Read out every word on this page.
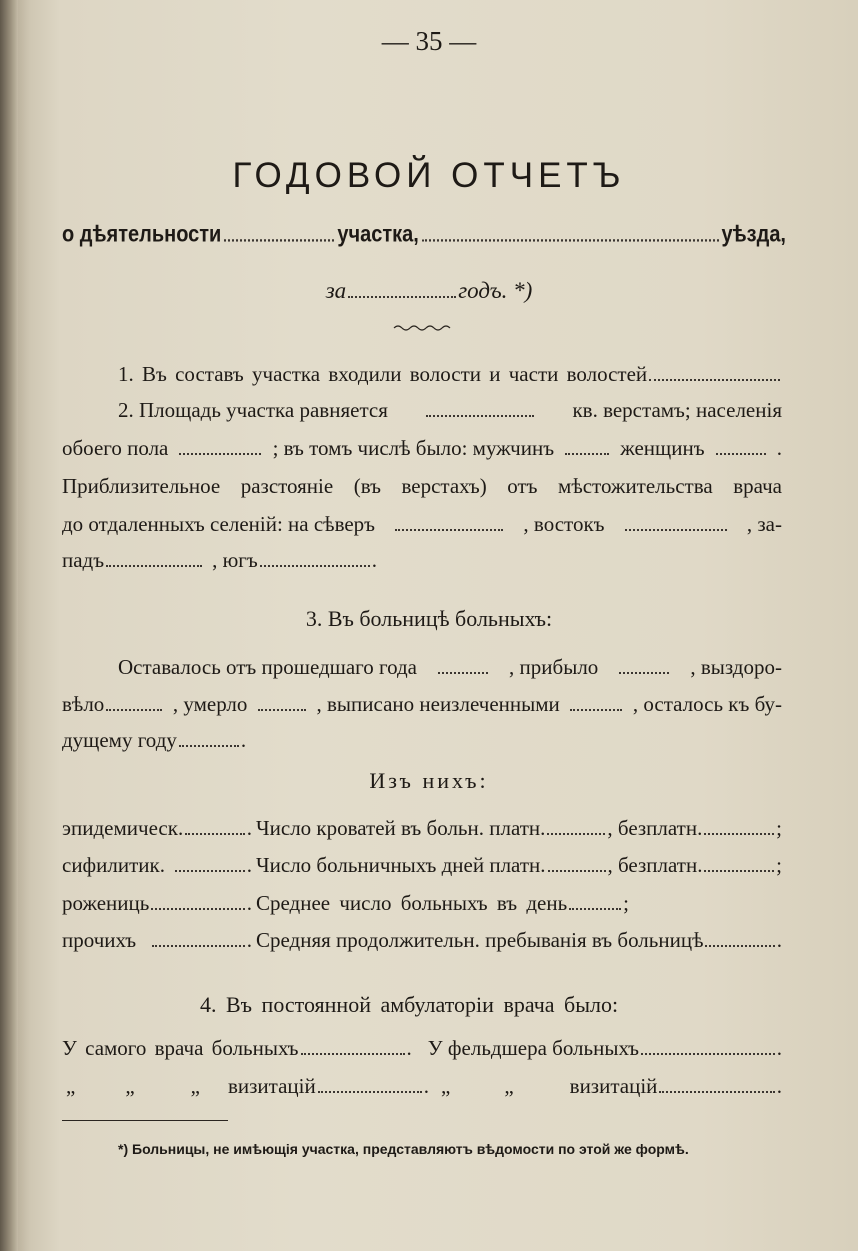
— 35 —
ГОДОВОЙ ОТЧЕТЪ
о дѣятельности	участка,	уѣзда,
за	годъ. *)
1. Въ составъ участка входили волости и части волостей
2. Площадь участка равняется	кв. верстамъ; населенія
обоего пола	; въ томъ числѣ было: мужчинъ	женщинъ	.
Приблизительное разстояніе (въ верстахъ) отъ мѣстожительства врача
до отдаленныхъ селеній: на сѣверъ	, востокъ	, за-
падъ	, югъ	.
3. Въ больницѣ больныхъ:
Оставалось отъ прошедшаго года	, прибыло	, выздоро-
вѣло	, умерло	, выписано неизлеченными	, осталось къ бу-
дущему году	.
Изъ нихъ:
эпидемическ.	. Число кроватей въ больн. платн.	, безплатн.	;
сифилитик.	. Число больничныхъ дней платн.	, безплатн.	;
рожениць	. Среднее число больныхъ въ день	;
прочихъ	. Средняя продолжительн. пребыванія въ больницѣ	.
4. Въ постоянной амбулаторіи врача было:
У самого врача больныхъ	. У фельдшера больныхъ	.
„ „	„ визитацій	. „	„	визитацій	.
*) Больницы, не имѣющія участка, представляютъ вѣдомости по этой же формѣ.
